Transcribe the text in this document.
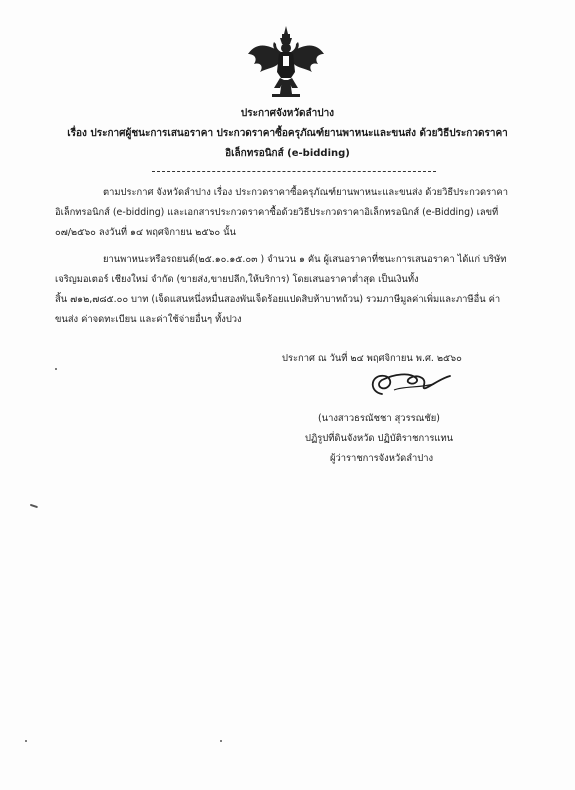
ประกาศจังหวัดลำปาง
เรื่อง ประกาศผู้ชนะการเสนอราคา ประกวดราคาซื้อครุภัณฑ์ยานพาหนะและขนส่ง ด้วยวิธีประกวดราคา
อิเล็กทรอนิกส์ (e-bidding)
ตามประกาศ จังหวัดลำปาง เรื่อง ประกวดราคาซื้อครุภัณฑ์ยานพาหนะและขนส่ง ด้วยวิธีประกวดราคา
อิเล็กทรอนิกส์ (e-bidding) และเอกสารประกวดราคาซื้อด้วยวิธีประกวดราคาอิเล็กทรอนิกส์ (e-Bidding) เลขที่
๐๗/๒๕๖๐ ลงวันที่ ๑๔ พฤศจิกายน ๒๕๖๐ นั้น
ยานพาหนะหรือรถยนต์(๒๕.๑๐.๑๕.๐๓ ) จำนวน ๑ คัน ผู้เสนอราคาที่ชนะการเสนอราคา ได้แก่ บริษัท
เจริญมอเตอร์ เชียงใหม่ จำกัด (ขายส่ง,ขายปลีก,ให้บริการ) โดยเสนอราคาต่ำสุด เป็นเงินทั้ง
สิ้น ๗๑๒,๗๘๕.๐๐ บาท (เจ็ดแสนหนึ่งหมื่นสองพันเจ็ดร้อยแปดสิบห้าบาทถ้วน) รวมภาษีมูลค่าเพิ่มและภาษีอื่น ค่า
ขนส่ง ค่าจดทะเบียน และค่าใช้จ่ายอื่นๆ ทั้งปวง
ประกาศ ณ วันที่ ๒๔ พฤศจิกายน พ.ศ. ๒๕๖๐
(นางสาวธรณัชชา สุวรรณชัย)
ปฏิรูปที่ดินจังหวัด ปฏิบัติราชการแทน
ผู้ว่าราชการจังหวัดลำปาง
